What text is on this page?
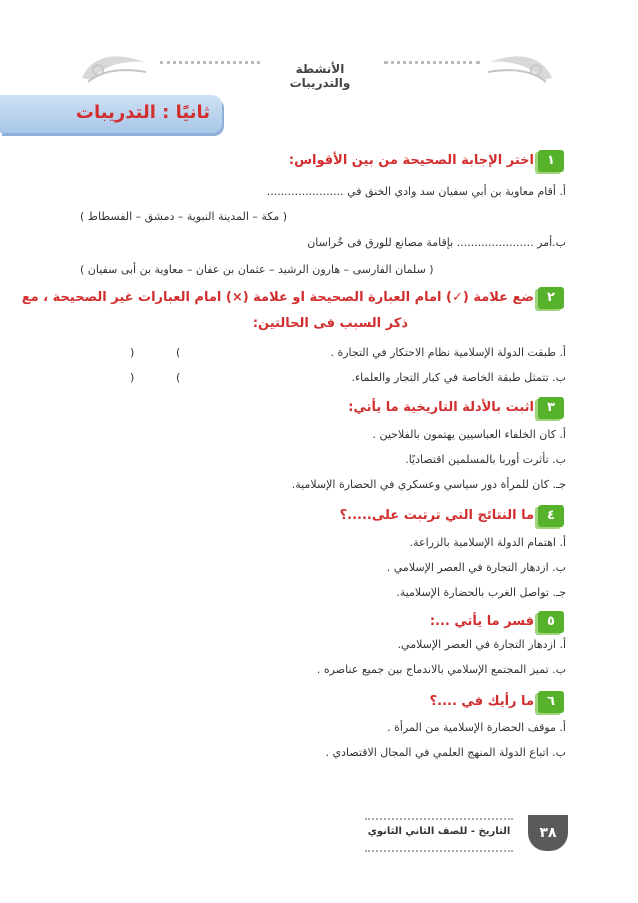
الأنشطة والتدريبات
ثانيًا : التدريبات
١
اختر الإجابة الصحيحة من بين الأقواس:
أ. أقام معاوية بن أبي سفيان سد وادي الخنق في ......................
( مكة – المدينة النبوية – دمشق – الفسطاط )
ب.أمر ...................... بإقامة مصانع للورق فى خُراسان
( سلمان الفارسى – هارون الرشيد – عثمان بن عفان – معاوية بن أبى سفيان )
٢
ضع علامة (✓) امام العبارة الصحيحة او علامة (×) امام العبارات غير الصحيحة ، مع
ذكر السبب فى الحالتين:
أ. طبقت الدولة الإسلامية نظام الاحتكار في التجارة .
)	(
ب. تتمثل طبقة الخاصة في كبار التجار والعلماء.
)	(
٣
اثبت بالأدلة التاريخية ما يأتي:
أ. كان الخلفاء العباسيين يهتمون بالفلاحين .
ب. تأثرت أوربا بالمسلمين اقتصاديًا.
جـ. كان للمرأة دور سياسي وعسكري في الحضارة الإسلامية.
٤
ما النتائج التي ترتبت على.....؟
أ. اهتمام الدولة الإسلامية بالزراعة.
ب. ازدهار التجارة في العصر الإسلامي .
جـ. تواصل الغرب بالحضارة الإسلامية.
٥
فسر ما يأتي ...:
أ. ازدهار التجارة في العصر الإسلامي.
ب. تميز المجتمع الإسلامي بالاندماج بين جميع عناصره .
٦
ما رأيك في ....؟
أ. موقف الحضارة الإسلامية من المرأة .
ب. اتباع الدولة المنهج العلمي في المجال الاقتصادي .
التاريخ - للصف الثاني الثانوي	٣٨
